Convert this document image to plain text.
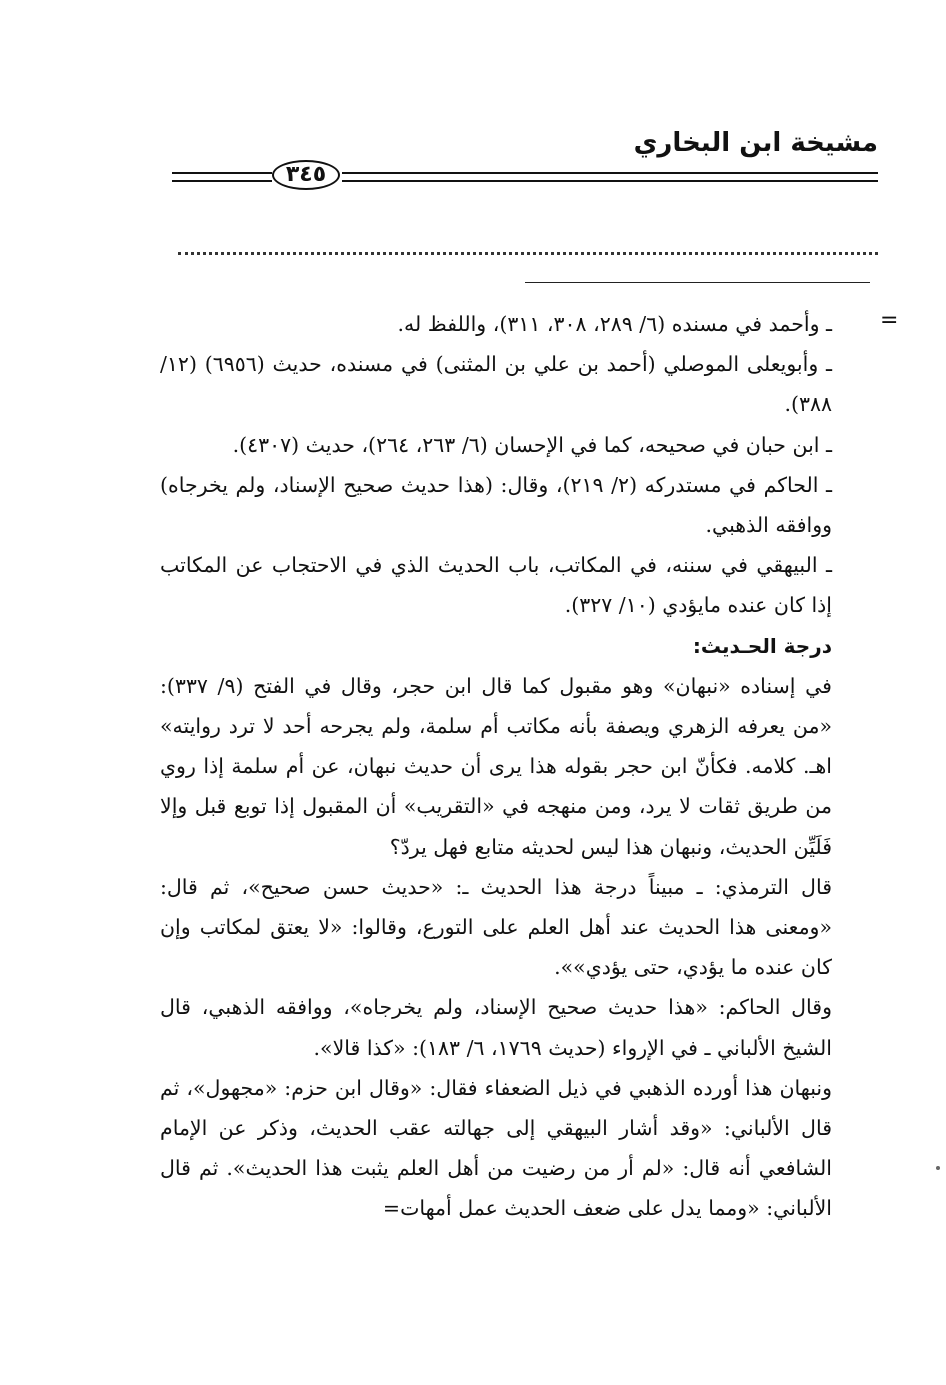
مشيخة ابن البخاري
٣٤٥
=

ـ وأحمد في مسنده (٦/ ٢٨٩، ٣٠٨، ٣١١)، واللفظ له.

ـ وأبويعلى الموصلي (أحمد بن علي بن المثنى) في مسنده، حديث (٦٩٥٦) (١٢/ ٣٨٨).

ـ ابن حبان في صحيحه، كما في الإحسان (٦/ ٢٦٣، ٢٦٤)، حديث (٤٣٠٧).

ـ الحاكم في مستدركه (٢/ ٢١٩)، وقال: (هذا حديث صحيح الإسناد، ولم يخرجاه) ووافقه الذهبي.

ـ البيهقي في سننه، في المكاتب، باب الحديث الذي في الاحتجاب عن المكاتب إذا كان عنده مايؤدي (١٠/ ٣٢٧).

درجة الحـديث:

في إسناده «نبهان» وهو مقبول كما قال ابن حجر، وقال في الفتح (٩/ ٣٣٧): «من يعرفه الزهري ويصفة بأنه مكاتب أم سلمة، ولم يجرحه أحد لا ترد روايته» اهـ. كلامه. فكأنّ ابن حجر بقوله هذا يرى أن حديث نبهان، عن أم سلمة إذا روي من طريق ثقات لا يرد، ومن منهجه في «التقريب» أن المقبول إذا توبع قبل وإلا فَلَيِّن الحديث، ونبهان هذا ليس لحديثه متابع فهل يردّ؟

قال الترمذي: ـ مبيناً درجة هذا الحديث ـ: «حديث حسن صحيح»، ثم قال: «ومعنى هذا الحديث عند أهل العلم على التورع، وقالوا: «لا يعتق لمكاتب وإن كان عنده ما يؤدي، حتى يؤدي»».

وقال الحاكم: «هذا حديث صحيح الإسناد، ولم يخرجاه»، ووافقه الذهبي، قال الشيخ الألباني ـ في الإرواء (حديث ١٧٦٩، ٦/ ١٨٣): «كذا قالا».

ونبهان هذا أورده الذهبي في ذيل الضعفاء فقال: «وقال ابن حزم: «مجهول»، ثم قال الألباني: «وقد أشار البيهقي إلى جهالته عقب الحديث، وذكر عن الإمام الشافعي أنه قال: «لم أر من رضيت من أهل العلم يثبت هذا الحديث». ثم قال الألباني: «ومما يدل على ضعف الحديث عمل أمهات=
